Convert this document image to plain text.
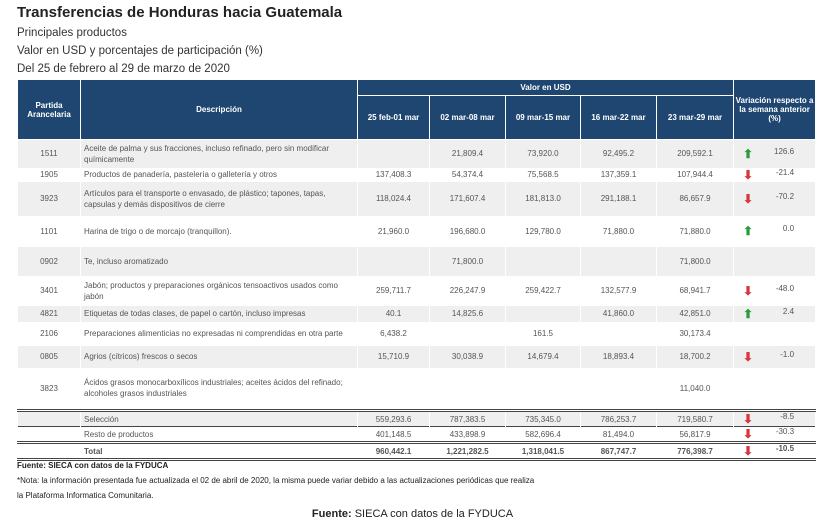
Transferencias de Honduras hacia Guatemala
Principales productos
Valor en USD y porcentajes de participación (%)
Del 25 de febrero al 29 de marzo de 2020
Partida Arancelaria	Descripción	Valor en USD					Variación respecto a la semana anterior (%)
		25 feb-01 mar	02 mar-08 mar	09 mar-15 mar	16 mar-22 mar	23 mar-29 mar	
1511	Aceite de palma y sus fracciones, incluso refinado, pero sin modificar químicamente		21,809.4	73,920.0	92,495.2	209,592.1	⬆ 126.6

1905	Productos de panadería, pastelería o galletería y otros	137,408.3	54,374.4	75,568.5	137,359.1	107,944.4	⬇ -21.4

3923	Artículos para el transporte o envasado, de plástico; tapones, tapas, capsulas y demás dispositivos de cierre	118,024.4	171,607.4	181,813.0	291,188.1	86,657.9	⬇ -70.2

1101	Harina de trigo o de morcajo (tranquillon).	21,960.0	196,680.0	129,780.0	71,880.0	71,880.0	⬆ 0.0

0902	Te, incluso aromatizado		71,800.0			71,800.0	

3401	Jabón; productos y preparaciones orgánicos tensoactivos usados como jabón	259,711.7	226,247.9	259,422.7	132,577.9	68,941.7	⬇ -48.0

4821	Etiquetas de todas clases, de papel o cartón, incluso impresas	40.1	14,825.6		41,860.0	42,851.0	⬆ 2.4

2106	Preparaciones alimenticias no expresadas ni comprendidas en otra parte	6,438.2		161.5		30,173.4	

0805	Agrios (cítricos) frescos o secos	15,710.9	30,038.9	14,679.4	18,893.4	18,700.2	⬇ -1.0

3823	Ácidos grasos monocarboxílicos industriales; aceites ácidos del refinado; alcoholes grasos industriales					11,040.0	

	Selección	559,293.6	787,383.5	735,345.0	786,253.7	719,580.7	⬇ -8.5

	Resto de productos	401,148.5	433,898.9	582,696.4	81,494.0	56,817.9	⬇ -30.3

	Total	960,442.1	1,221,282.5	1,318,041.5	867,747.7	776,398.7	⬇ -10.5
Fuente: SIECA con datos de la FYDUCA
*Nota: la información presentada fue actualizada el 02 de abril de 2020, la misma puede variar debido a las actualizaciones periódicas que realiza
la Plataforma Informatica Comunitaria.
Fuente: SIECA con datos de la FYDUCA
